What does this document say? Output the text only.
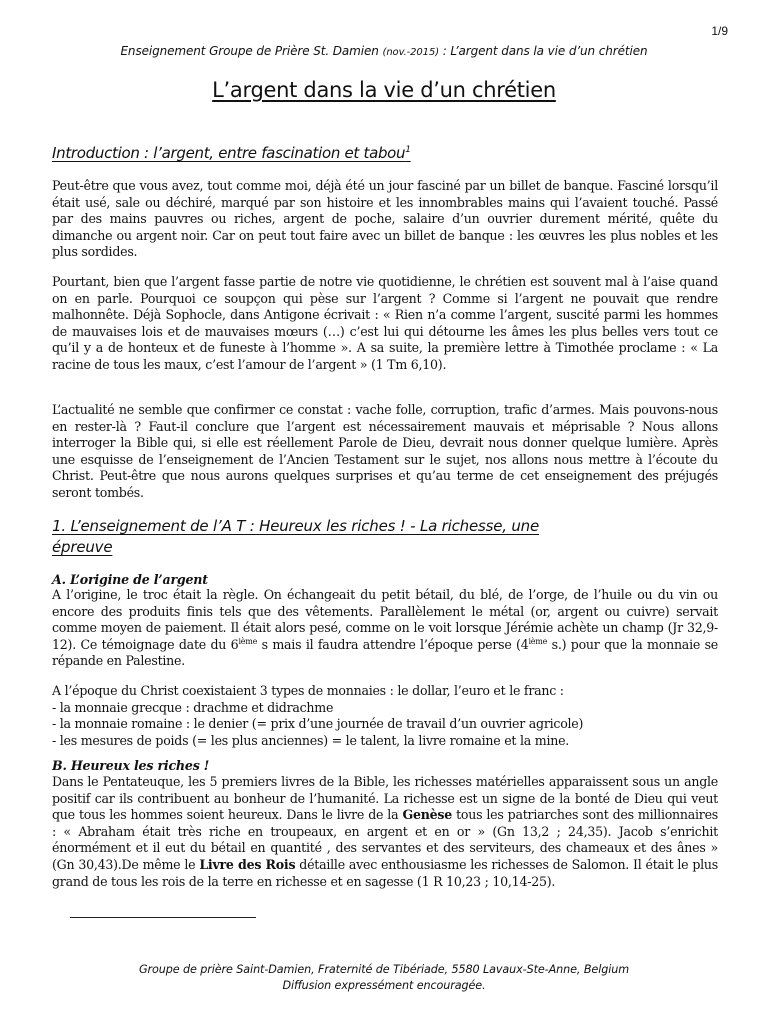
1/9
Enseignement Groupe de Prière St. Damien (nov.-2015) : L’argent dans la vie d’un chrétien
L’argent dans la vie d’un chrétien
Introduction : l’argent, entre fascination et tabou$^1$
Peut-être que vous avez, tout comme moi, déjà été un jour fasciné par un billet de banque. Fasciné lorsqu’il était usé, sale ou déchiré, marqué par son histoire et les innombrables mains qui l’avaient touché. Passé par des mains pauvres ou riches, argent de poche, salaire d’un ouvrier durement mérité, quête du dimanche ou argent noir. Car on peut tout faire avec un billet de banque : les œuvres les plus nobles et les plus sordides.
Pourtant, bien que l’argent fasse partie de notre vie quotidienne, le chrétien est souvent mal à l’aise quand on en parle. Pourquoi ce soupçon qui pèse sur l’argent ? Comme si l’argent ne pouvait que rendre malhonnête. Déjà Sophocle, dans Antigone écrivait : « Rien n’a comme l’argent, suscité parmi les hommes de mauvaises lois et de mauvaises mœurs (…) c’est lui qui détourne les âmes les plus belles vers tout ce qu’il y a de honteux et de funeste à l’homme ». A sa suite, la première lettre à Timothée proclame : « La racine de tous les maux, c’est l’amour de l’argent » (1 Tm 6,10).
L’actualité ne semble que confirmer ce constat : vache folle, corruption, trafic d’armes. Mais pouvons-nous en rester-là ? Faut-il conclure que l’argent est nécessairement mauvais et méprisable ? Nous allons interroger la Bible qui, si elle est réellement Parole de Dieu, devrait nous donner quelque lumière. Après une esquisse de l’enseignement de l’Ancien Testament sur le sujet, nos allons nous mettre à l’écoute du Christ. Peut-être que nous aurons quelques surprises et qu’au terme de cet enseignement des préjugés seront tombés.
1. L’enseignement de l’A T : Heureux les riches ! - La richesse, une
épreuve
A. L’origine de l’argent
A l’origine, le troc était la règle. On échangeait du petit bétail, du blé, de l’orge, de l’huile ou du vin ou encore des produits finis tels que des vêtements. Parallèlement le métal (or, argent ou cuivre) servait comme moyen de paiement. Il était alors pesé, comme on le voit lorsque Jérémie achète un champ (Jr 32,9-12). Ce témoignage date du 6ième s mais il faudra attendre l’époque perse (4ième s.) pour que la monnaie se répande en Palestine.
A l’époque du Christ coexistaient 3 types de monnaies : le dollar, l’euro et le franc :
- la monnaie grecque : drachme et didrachme
- la monnaie romaine : le denier (= prix d’une journée de travail d’un ouvrier agricole)
- les mesures de poids (= les plus anciennes) = le talent, la livre romaine et la mine.
B. Heureux les riches !
Dans le Pentateuque, les 5 premiers livres de la Bible, les richesses matérielles apparaissent sous un angle positif car ils contribuent au bonheur de l’humanité. La richesse est un signe de la bonté de Dieu qui veut que tous les hommes soient heureux. Dans le livre de la Genèse tous les patriarches sont des millionnaires : « Abraham était très riche en troupeaux, en argent et en or » (Gn 13,2 ; 24,35). Jacob s’enrichit énormément et il eut du bétail en quantité , des servantes et des serviteurs, des chameaux et des ânes » (Gn 30,43).De même le Livre des Rois détaille avec enthousiasme les richesses de Salomon. Il était le plus grand de tous les rois de la terre en richesse et en sagesse (1 R 10,23 ; 10,14-25).
Groupe de prière Saint-Damien, Fraternité de Tibériade, 5580 Lavaux-Ste-Anne, Belgium
Diffusion expressément encouragée.
